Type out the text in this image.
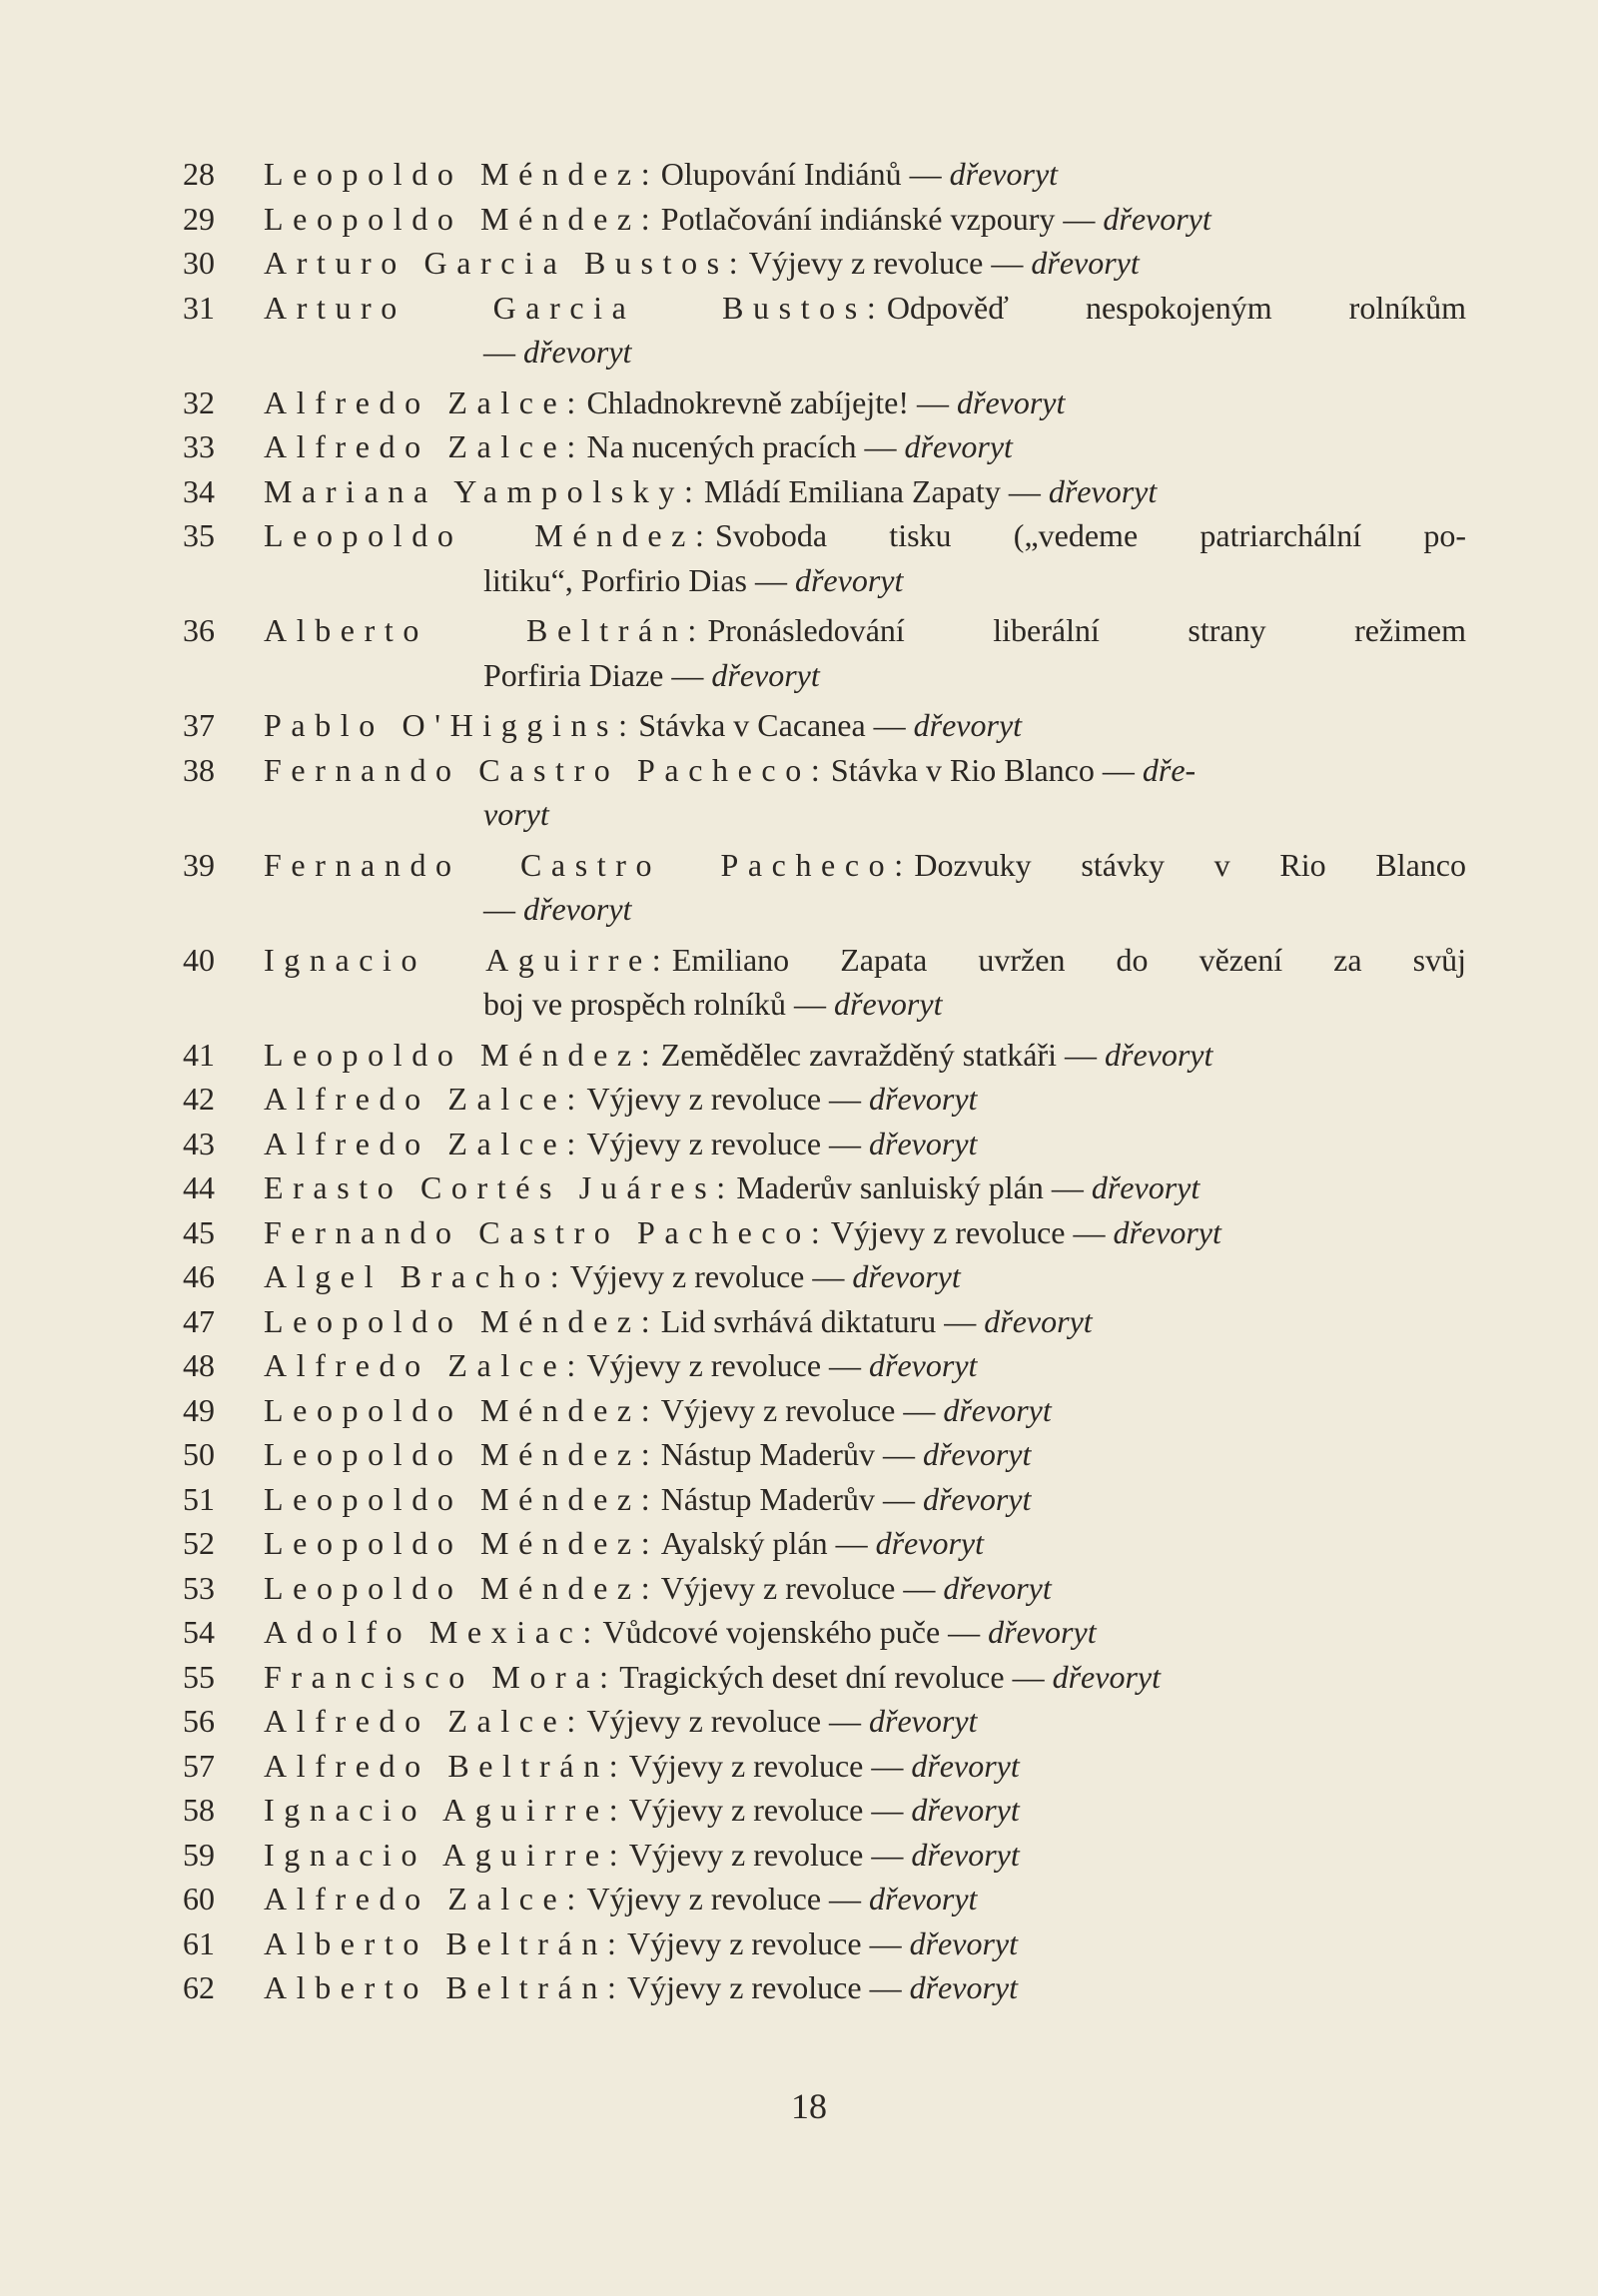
28 Leopoldo Méndez: Olupování Indiánů — dřevoryt
29 Leopoldo Méndez: Potlačování indiánské vzpoury — dřevoryt
30 Arturo Garcia Bustos: Výjevy z revoluce — dřevoryt
31 Arturo Garcia Bustos: Odpověď nespokojeným rolníkům
— dřevoryt
32 Alfredo Zalce: Chladnokrevně zabíjejte! — dřevoryt
33 Alfredo Zalce: Na nucených pracích — dřevoryt
34 Mariana Yampolsky: Mládí Emiliana Zapaty — dřevoryt
35 Leopoldo Méndez: Svoboda tisku („vedeme patriarchální po-
litiku“, Porfirio Dias — dřevoryt
36 Alberto Beltrán: Pronásledování liberální strany režimem
Porfiria Diaze — dřevoryt
37 Pablo O'Higgins: Stávka v Cacanea — dřevoryt
38 Fernando Castro Pacheco: Stávka v Rio Blanco — dře-
voryt
39 Fernando Castro Pacheco: Dozvuky stávky v Rio Blanco
— dřevoryt
40 Ignacio Aguirre: Emiliano Zapata uvržen do vězení za svůj
boj ve prospěch rolníků — dřevoryt
41 Leopoldo Méndez: Zemědělec zavražděný statkáři — dřevoryt
42 Alfredo Zalce: Výjevy z revoluce — dřevoryt
43 Alfredo Zalce: Výjevy z revoluce — dřevoryt
44 Erasto Cortés Juáres: Maderův sanluiský plán — dřevoryt
45 Fernando Castro Pacheco: Výjevy z revoluce — dřevoryt
46 Algel Bracho: Výjevy z revoluce — dřevoryt
47 Leopoldo Méndez: Lid svrhává diktaturu — dřevoryt
48 Alfredo Zalce: Výjevy z revoluce — dřevoryt
49 Leopoldo Méndez: Výjevy z revoluce — dřevoryt
50 Leopoldo Méndez: Nástup Maderův — dřevoryt
51 Leopoldo Méndez: Nástup Maderův — dřevoryt
52 Leopoldo Méndez: Ayalský plán — dřevoryt
53 Leopoldo Méndez: Výjevy z revoluce — dřevoryt
54 Adolfo Mexiac: Vůdcové vojenského puče — dřevoryt
55 Francisco Mora: Tragických deset dní revoluce — dřevoryt
56 Alfredo Zalce: Výjevy z revoluce — dřevoryt
57 Alfredo Beltrán: Výjevy z revoluce — dřevoryt
58 Ignacio Aguirre: Výjevy z revoluce — dřevoryt
59 Ignacio Aguirre: Výjevy z revoluce — dřevoryt
60 Alfredo Zalce: Výjevy z revoluce — dřevoryt
61 Alberto Beltrán: Výjevy z revoluce — dřevoryt
62 Alberto Beltrán: Výjevy z revoluce — dřevoryt
18
